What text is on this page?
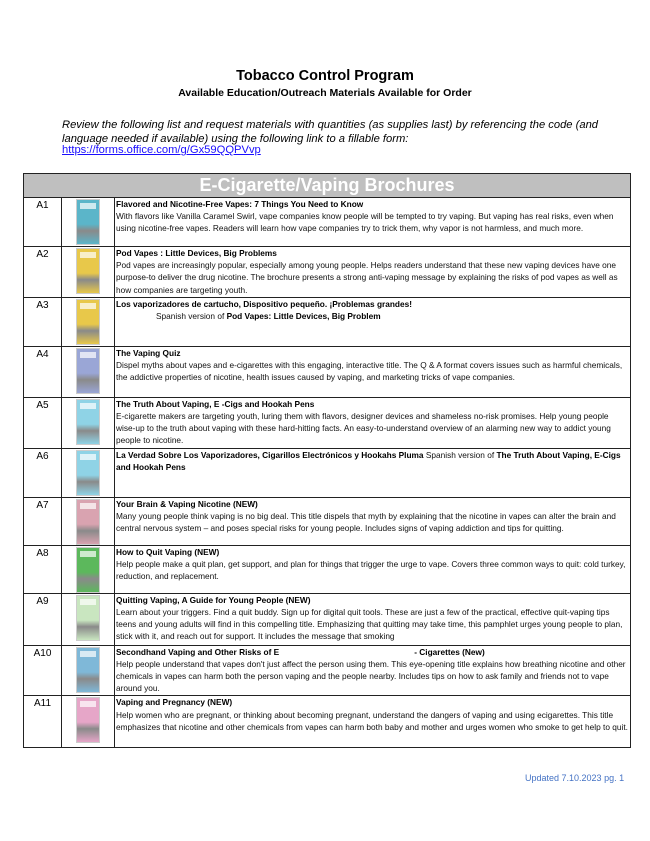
Tobacco Control Program
Available Education/Outreach Materials Available for Order
Review the following list and request materials with quantities (as supplies last) by referencing the code (and language needed if available) using the following link to a fillable form:
https://forms.office.com/g/Gx59QQPVvp
E-Cigarette/Vaping Brochures		
A1		Flavored and Nicotine-Free Vapes: 7 Things You Need to Know
With flavors like Vanilla Caramel Swirl, vape companies know people will be tempted to try vaping. But vaping has real risks, even when using nicotine-free vapes. Readers will learn how vape companies try to trick them, why vapor is not harmless, and much more.
A2		Pod Vapes : Little Devices, Big Problems
Pod vapes are increasingly popular, especially among young people. Helps readers understand that these new vaping devices have one purpose-to deliver the drug nicotine. The brochure presents a strong anti-vaping message by explaining the risks of pod vapes as well as how companies are targeting youth.
A3		Los vaporizadores de cartucho, Dispositivo pequeño. ¡Problemas grandes!
Spanish version of Pod Vapes: Little Devices, Big Problem
A4		The Vaping Quiz
Dispel myths about vapes and e-cigarettes with this engaging, interactive title. The Q & A format covers issues such as harmful chemicals, the addictive properties of nicotine, health issues caused by vaping, and marketing tricks of vape companies.
A5		The Truth About Vaping, E -Cigs and Hookah Pens
E-cigarette makers are targeting youth, luring them with flavors, designer devices and shameless no-risk promises. Help young people wise-up to the truth about vaping with these hard-hitting facts. An easy-to-understand overview of an alarming new way to addict young people to nicotine.
A6		La Verdad Sobre Los Vaporizadores, Cigarillos Electrónicos y Hookahs Pluma Spanish version of The Truth About Vaping, E-Cigs and Hookah Pens
A7		Your Brain & Vaping Nicotine (NEW)
Many young people think vaping is no big deal. This title dispels that myth by explaining that the nicotine in vapes can alter the brain and central nervous system – and poses special risks for young people. Includes signs of vaping addiction and tips for quitting.
A8		How to Quit Vaping (NEW)
Help people make a quit plan, get support, and plan for things that trigger the urge to vape. Covers three common ways to quit: cold turkey, reduction, and replacement.
A9		Quitting Vaping, A Guide for Young People (NEW)
Learn about your triggers. Find a quit buddy. Sign up for digital quit tools. These are just a few of the practical, effective quit-vaping tips teens and young adults will find in this compelling title. Emphasizing that quitting may take time, this pamphlet urges young people to plan, stick with it, and reach out for support. It includes the message that smoking
A10		Secondhand Vaping and Other Risks of E - Cigarettes (New)
Help people understand that vapes don't just affect the person using them. This eye-opening title explains how breathing nicotine and other chemicals in vapes can harm both the person vaping and the people nearby. Includes tips on how to ask family and friends not to vape around you.
A11		Vaping and Pregnancy (NEW)
Help women who are pregnant, or thinking about becoming pregnant, understand the dangers of vaping and using ecigarettes. This title emphasizes that nicotine and other chemicals from vapes can harm both baby and mother and urges women who smoke to get help to quit.
Updated 7.10.2023 pg. 1
